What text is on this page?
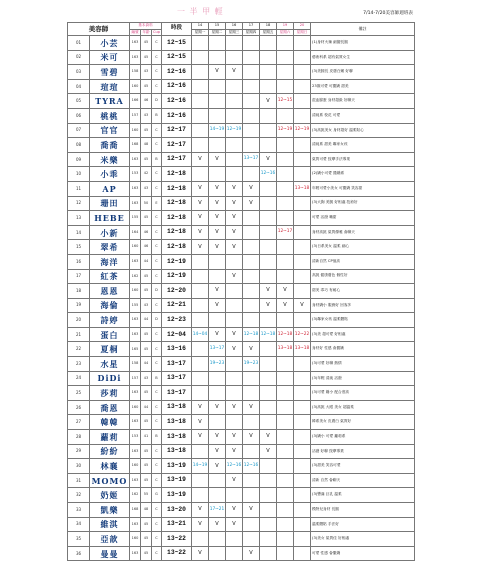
一 半 甲 輕	7/14-7/20美容師週班表
美容師		基本資料			時段	14	15	16	17	18	19	20	備註
		編號	年齡	Cup		星期一	星期二	星期三	星期四	星期五	星期六	星期日	
01	小芸	163	45	C	12~15								(1)身材火辣 細腰長腿
02	米可	163	45	C	12~15								藝術科系 超有氣質女生
03	雪碧	158	43	C	12~16		V	V					(3)美腿長 皮膚白嫩 好聊
04	瑄瑄	160	45	C	12~16								23歲可愛 可撒嬌 甜美
05	TYRA	166	46	D	12~16					V	12~15		混血臉蛋 身材超級 好聊天
06	桃桃	157	43	B	12~16								清純系 校花 可愛
07	官官	160	45	C	12~17		14~19	12~19			12~19	12~19	(3)高挑美女 身材超好 溫柔貼心
08	喬喬	168	48	C	12~17								清純系 甜美 鄰家女孩
09	米樂	163	45	B	12~17	V	V		13~17	V			氣質可愛 按摩手法專業
10	小乖	153	42	C	12~18					12~16			(2)嬌小可愛 撒嬌系
11	AP	163	43	C	12~18	V	V	V	V			13~18	年輕可愛小美女 可撒嬌 笑容甜
12	珊田	163	50	E	12~18	V	V	V	V				(3)大胸 美腿 好相處 技術好
13	HEBE	155	45	C	12~18	V	V	V					可愛 活潑 嘴甜
14	小新	164	46	C	12~18	V	V	V			12~17		身材高挑 氣質優雅 會聊天
15	翠希	160	46	C	12~18	V	V	V					(3)日系美女 溫柔 細心
16	海洋	163	44	C	12~19								清新自然 CP值高
17	紅茶	162	45	C	12~19			V					高挑 健康膚色 個性好
18	恩恩	160	45	D	12~20		V			V	V		甜美 乖巧 有耐心
19	海倫	155	43	C	12~21		V			V	V	V	身材嬌小 服務好 回客多
20	詩婷	163	44	D	12~23								(3)鄰家女孩 溫柔體貼
21	蛋白	163	45	C	12~04	14~04	V	V	12~18	12~18	12~18	12~22	(3)美 超可愛 好相處
22	夏桐	165	45	C	13~16		13~17	V	V		13~18	13~18	身材好 性感 會撒嬌
23	水星	158	44	C	13~17		19~23		19~23				(3)可愛 好聊 熱情
24	DiDi	157	43	B	13~17								(3)年輕 清純 活潑
25	莎莉	163	45	C	13~17								(3)可愛 嬌小 配合度高
26	喬恩	160	44	C	13~18	V	V	V	V				(3)高挑 大眼 美女 超溫柔
27	韓韓	163	45	C	13~18	V							韓系美女 皮膚白 氣質好
28	蘿莉	153	41	B	13~18	V	V	V	V	V			(3)嬌小 可愛 蘿莉系
29	紛紛	163	45	C	13~18		V	V		V			活潑 好聊 按摩專業
30	林襄	160	45	C	13~19	14~19	V	12~16	12~16				(3)甜美 笑容可愛
31	MOMO	163	45	C	13~19			V					清新 自然 會聊天
32	奶姬	162	55	G	13~19								(3)豐滿 巨乳 溫柔
33	凱樂	168	48	C	13~20	V	17~21	V	V				模特兒身材 長腿
34	維淇	163	45	C	13~21	V	V	V					溫柔體貼 手法好
35	亞歆	160	45	C	13~22								(3)美女 氣質佳 好相處
36	曼曼	163	45	C	13~22	V			V				可愛 性感 會撒嬌
